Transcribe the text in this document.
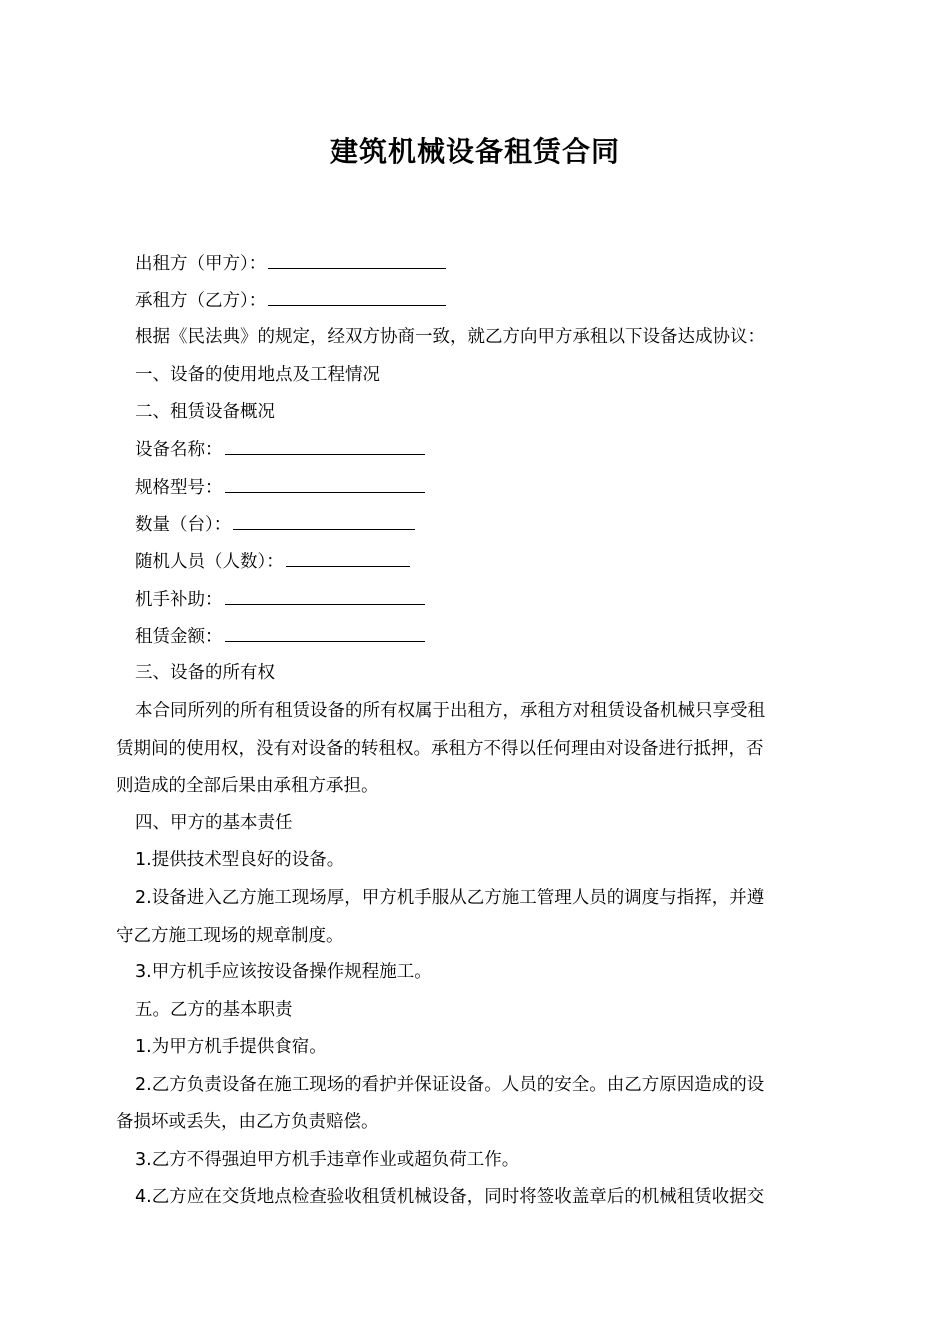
建筑机械设备租赁合同
出租方（甲方）：
承租方（乙方）：
根据《民法典》的规定，经双方协商一致，就乙方向甲方承租以下设备达成协议：
一、设备的使用地点及工程情况
二、租赁设备概况
设备名称：
规格型号：
数量（台）：
随机人员（人数）：
机手补助：
租赁金额：
三、设备的所有权
本合同所列的所有租赁设备的所有权属于出租方，承租方对租赁设备机械只享受租
赁期间的使用权，没有对设备的转租权。承租方不得以任何理由对设备进行抵押，否
则造成的全部后果由承租方承担。
四、甲方的基本责任
1.提供技术型良好的设备。
2.设备进入乙方施工现场厚，甲方机手服从乙方施工管理人员的调度与指挥，并遵
守乙方施工现场的规章制度。
3.甲方机手应该按设备操作规程施工。
五。乙方的基本职责
1.为甲方机手提供食宿。
2.乙方负责设备在施工现场的看护并保证设备。人员的安全。由乙方原因造成的设
备损坏或丢失，由乙方负责赔偿。
3.乙方不得强迫甲方机手违章作业或超负荷工作。
4.乙方应在交货地点检查验收租赁机械设备，同时将签收盖章后的机械租赁收据交
